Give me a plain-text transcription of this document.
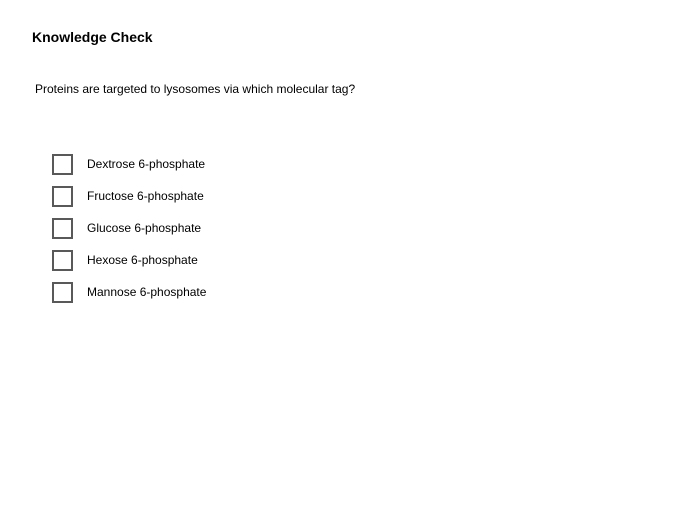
Knowledge Check

Proteins are targeted to lysosomes via which molecular tag?

Dextrose 6-phosphate
Fructose 6-phosphate
Glucose 6-phosphate
Hexose 6-phosphate
Mannose 6-phosphate
